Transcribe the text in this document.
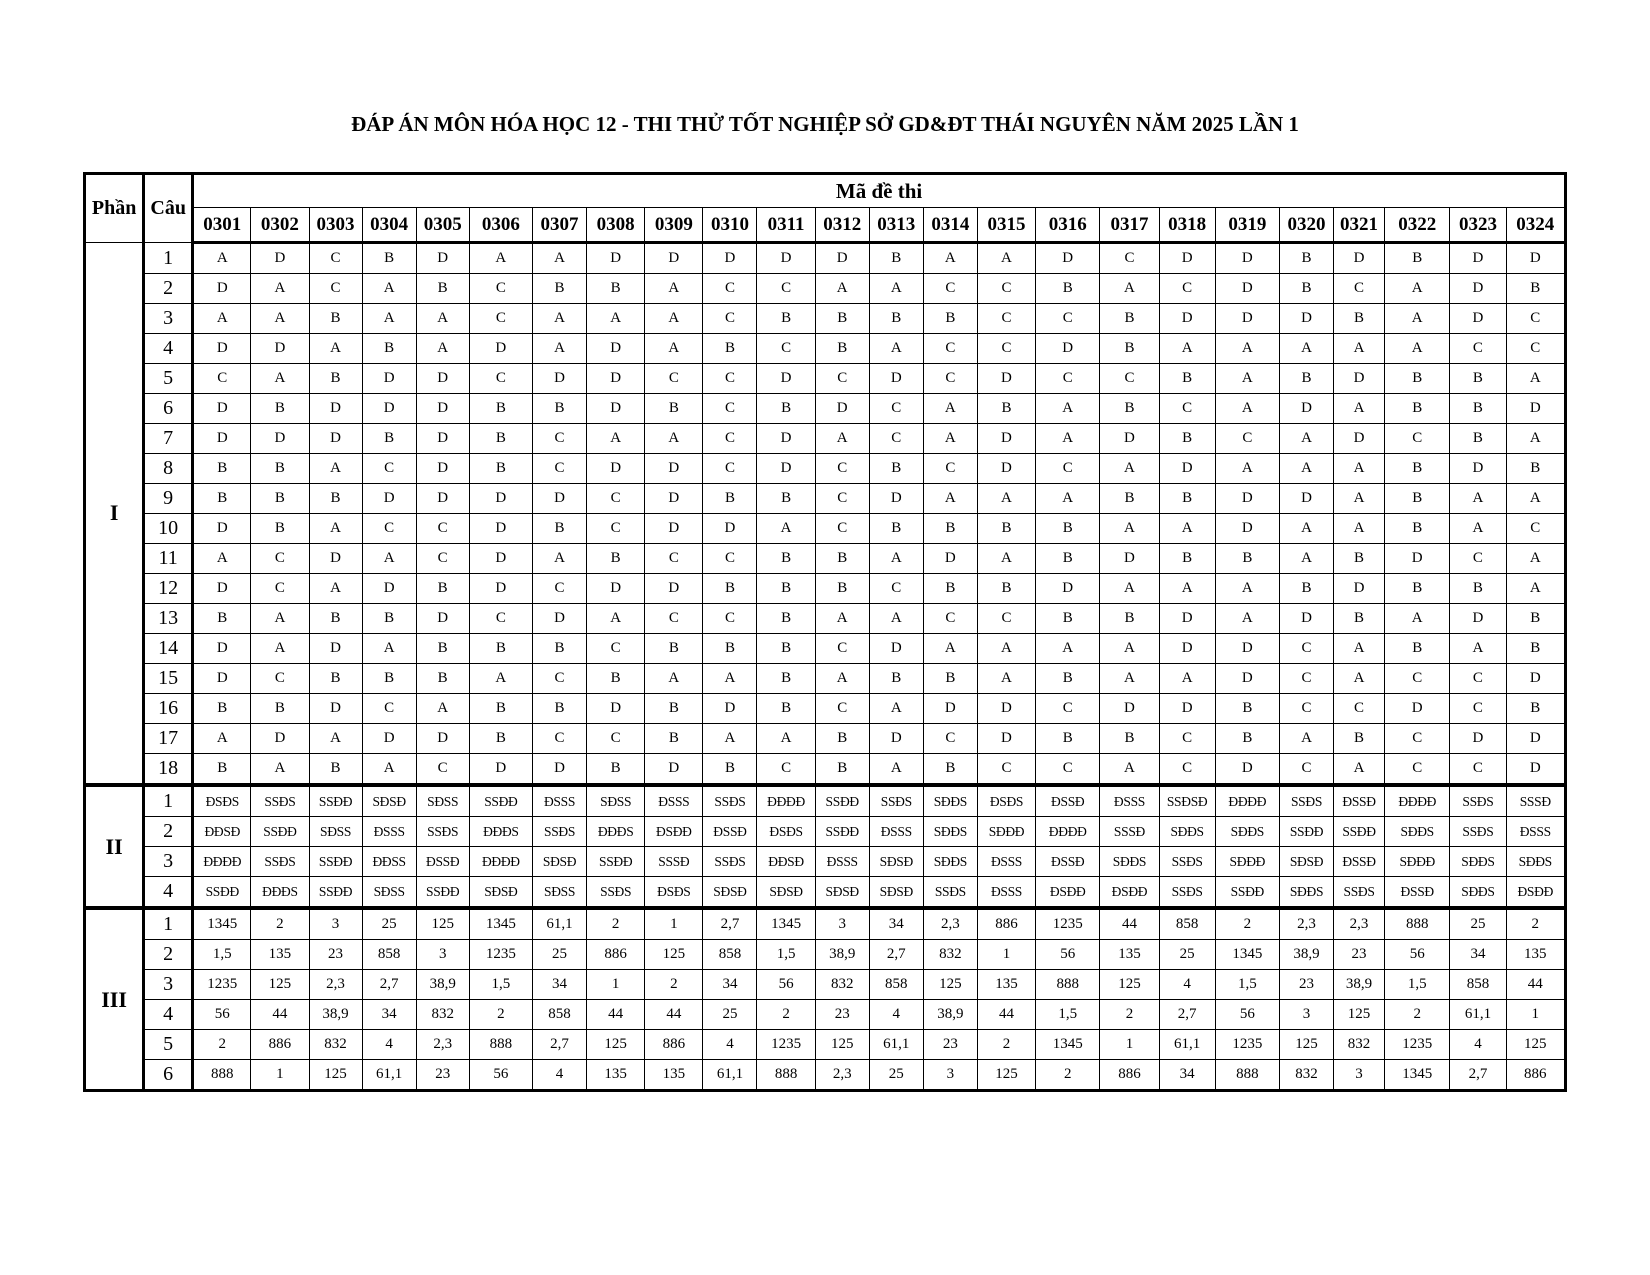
ĐÁP ÁN MÔN HÓA HỌC 12 - THI THỬ TỐT NGHIỆP SỞ GD&ĐT THÁI NGUYÊN NĂM 2025 LẦN 1
Phần	Câu	Mã đề thi																							
		0301	0302	0303	0304	0305	0306	0307	0308	0309	0310	0311	0312	0313	0314	0315	0316	0317	0318	0319	0320	0321	0322	0323	0324
I	1	A	D	C	B	D	A	A	D	D	D	D	D	B	A	A	D	C	D	D	B	D	B	D	D
	2	D	A	C	A	B	C	B	B	A	C	C	A	A	C	C	B	A	C	D	B	C	A	D	B
	3	A	A	B	A	A	C	A	A	A	C	B	B	B	B	C	C	B	D	D	D	B	A	D	C
	4	D	D	A	B	A	D	A	D	A	B	C	B	A	C	C	D	B	A	A	A	A	A	C	C
	5	C	A	B	D	D	C	D	D	C	C	D	C	D	C	D	C	C	B	A	B	D	B	B	A
	6	D	B	D	D	D	B	B	D	B	C	B	D	C	A	B	A	B	C	A	D	A	B	B	D
	7	D	D	D	B	D	B	C	A	A	C	D	A	C	A	D	A	D	B	C	A	D	C	B	A
	8	B	B	A	C	D	B	C	D	D	C	D	C	B	C	D	C	A	D	A	A	A	B	D	B
	9	B	B	B	D	D	D	D	C	D	B	B	C	D	A	A	A	B	B	D	D	A	B	A	A
	10	D	B	A	C	C	D	B	C	D	D	A	C	B	B	B	B	A	A	D	A	A	B	A	C
	11	A	C	D	A	C	D	A	B	C	C	B	B	A	D	A	B	D	B	B	A	B	D	C	A
	12	D	C	A	D	B	D	C	D	D	B	B	B	C	B	B	D	A	A	A	B	D	B	B	A
	13	B	A	B	B	D	C	D	A	C	C	B	A	A	C	C	B	B	D	A	D	B	A	D	B
	14	D	A	D	A	B	B	B	C	B	B	B	C	D	A	A	A	A	D	D	C	A	B	A	B
	15	D	C	B	B	B	A	C	B	A	A	B	A	B	B	A	B	A	A	D	C	A	C	C	D
	16	B	B	D	C	A	B	B	D	B	D	B	C	A	D	D	C	D	D	B	C	C	D	C	B
	17	A	D	A	D	D	B	C	C	B	A	A	B	D	C	D	B	B	C	B	A	B	C	D	D
	18	B	A	B	A	C	D	D	B	D	B	C	B	A	B	C	C	A	C	D	C	A	C	C	D
II	1	ĐSĐS	SSĐS	SSĐĐ	SĐSĐ	SĐSS	SSĐĐ	ĐSSS	SĐSS	ĐSSS	SSĐS	ĐĐĐĐ	SSĐĐ	SSĐS	SĐĐS	ĐSĐS	ĐSSĐ	ĐSSS	SSĐSĐ	ĐĐĐĐ	SSĐS	ĐSSĐ	ĐĐĐĐ	SSĐS	SSSĐ
	2	ĐĐSĐ	SSĐĐ	SĐSS	ĐSSS	SSĐS	ĐĐĐS	SSĐS	ĐĐĐS	ĐSĐĐ	ĐSSĐ	ĐSĐS	SSĐĐ	ĐSSS	SĐĐS	SĐĐĐ	ĐĐĐĐ	SSSĐ	SĐĐS	SĐĐS	SSĐĐ	SSĐĐ	SĐĐS	SSĐS	ĐSSS
	3	ĐĐĐĐ	SSĐS	SSĐĐ	ĐĐSS	ĐSSĐ	ĐĐĐĐ	SĐSĐ	SSĐĐ	SSSĐ	SSĐS	ĐĐSĐ	ĐSSS	SĐSĐ	SĐĐS	ĐSSS	ĐSSĐ	SĐĐS	SSĐS	SĐĐĐ	SĐSĐ	ĐSSĐ	SĐĐĐ	SĐĐS	SĐĐS
	4	SSĐĐ	ĐĐĐS	SSĐĐ	SĐSS	SSĐĐ	SĐSĐ	SĐSS	SSĐS	ĐSĐS	SĐSĐ	SĐSĐ	SĐSĐ	SĐSĐ	SSĐS	ĐSSS	ĐSĐĐ	ĐSĐĐ	SSĐS	SSĐĐ	SĐĐS	SSĐS	ĐSSĐ	SĐĐS	ĐSĐĐ
III	1	1345	2	3	25	125	1345	61,1	2	1	2,7	1345	3	34	2,3	886	1235	44	858	2	2,3	2,3	888	25	2
	2	1,5	135	23	858	3	1235	25	886	125	858	1,5	38,9	2,7	832	1	56	135	25	1345	38,9	23	56	34	135
	3	1235	125	2,3	2,7	38,9	1,5	34	1	2	34	56	832	858	125	135	888	125	4	1,5	23	38,9	1,5	858	44
	4	56	44	38,9	34	832	2	858	44	44	25	2	23	4	38,9	44	1,5	2	2,7	56	3	125	2	61,1	1
	5	2	886	832	4	2,3	888	2,7	125	886	4	1235	125	61,1	23	2	1345	1	61,1	1235	125	832	1235	4	125
	6	888	1	125	61,1	23	56	4	135	135	61,1	888	2,3	25	3	125	2	886	34	888	832	3	1345	2,7	886
